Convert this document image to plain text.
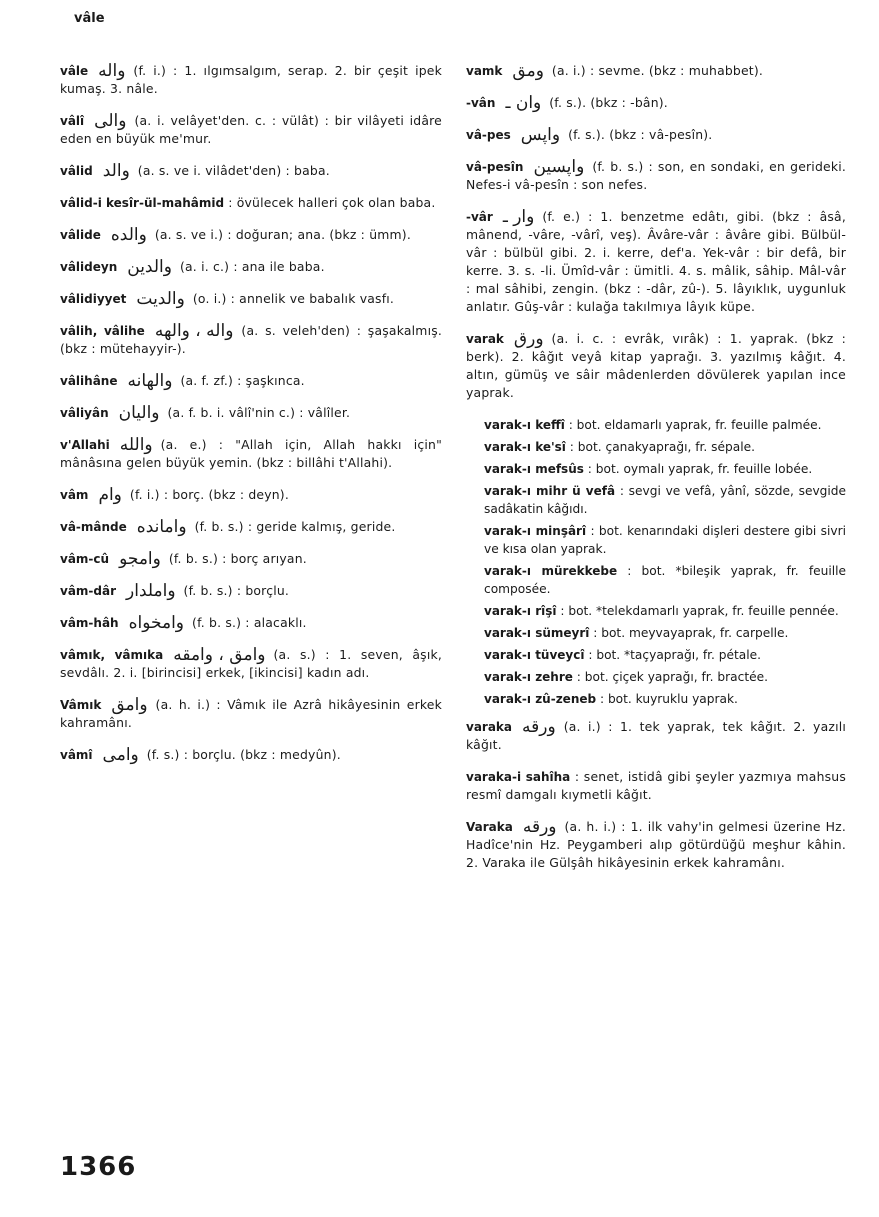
vâle

vâle واله (f. i.) : 1. ılgımsalgım, serap. 2. bir çeşit ipek kumaş. 3. nâle.

vâlî والى (a. i. velâyet'den. c. : vülât) : bir vilâyeti idâre eden en büyük me'mur.

vâlid والد (a. s. ve i. vilâdet'den) : baba.

vâlid-i kesîr-ül-mahâmid : övülecek halleri çok olan baba.

vâlide والده (a. s. ve i.) : doğuran; ana. (bkz : ümm).

vâlideyn والدين (a. i. c.) : ana ile baba.

vâlidiyyet والديت (o. i.) : annelik ve babalık vasfı.

vâlih, vâlihe واله ، والهه (a. s. veleh'den) : şaşakalmış. (bkz : mütehayyir-).

vâlihâne والهانه (a. f. zf.) : şaşkınca.

vâliyân واليان (a. f. b. i. vâlî'nin c.) : vâlîler.

v'Allahi والله (a. e.) : "Allah için, Allah hakkı için" mânâsına gelen büyük yemin. (bkz : billâhi t'Allahi).

vâm وام (f. i.) : borç. (bkz : deyn).

vâ-mânde وامانده (f. b. s.) : geride kalmış, geride.

vâm-cû وامجو (f. b. s.) : borç arıyan.

vâm-dâr واملدار (f. b. s.) : borçlu.

vâm-hâh وامخواه (f. b. s.) : alacaklı.

vâmık, vâmıka وامق ، وامقه (a. s.) : 1. seven, âşık, sevdâlı. 2. i. [birincisi] erkek, [ikincisi] kadın adı.

Vâmık وامق (a. h. i.) : Vâmık ile Azrâ hikâyesinin erkek kahramânı.

vâmî وامى (f. s.) : borçlu. (bkz : medyûn).

vamk ومق (a. i.) : sevme. (bkz : muhabbet).

-vân وان ـ (f. s.). (bkz : -bân).

vâ-pes واپس (f. s.). (bkz : vâ-pesîn).

vâ-pesîn واپسين (f. b. s.) : son, en sondaki, en gerideki. Nefes-i vâ-pesîn : son nefes.

-vâr وار ـ (f. e.) : 1. benzetme edâtı, gibi. (bkz : âsâ, mânend, -vâre, -vârî, veş). Âvâre-vâr : âvâre gibi. Bülbül-vâr : bülbül gibi. 2. i. kerre, def'a. Yek-vâr : bir defâ, bir kerre. 3. s. -li. Ümîd-vâr : ümitli. 4. s. mâlik, sâhip. Mâl-vâr : mal sâhibi, zengin. (bkz : -dâr, zû-). 5. lâyıklık, uygunluk anlatır. Gûş-vâr : kulağa takılmıya lâyık küpe.

varak ورق (a. i. c. : evrâk, vırâk) : 1. yaprak. (bkz : berk). 2. kâğıt veyâ kitap yaprağı. 3. yazılmış kâğıt. 4. altın, gümüş ve sâir mâdenlerden dövülerek yapılan ince yaprak.

varak-ı keffî : bot. eldamarlı yaprak, fr. feuille palmée.

varak-ı ke'sî : bot. çanakyaprağı, fr. sépale.

varak-ı mefsûs : bot. oymalı yaprak, fr. feuille lobée.

varak-ı mihr ü vefâ : sevgi ve vefâ, yânî, sözde, sevgide sadâkatin kâğıdı.

varak-ı minşârî : bot. kenarındaki dişleri destere gibi sivri ve kısa olan yaprak.

varak-ı mürekkebe : bot. *bileşik yaprak, fr. feuille composée.

varak-ı rîşî : bot. *telekdamarlı yaprak, fr. feuille pennée.

varak-ı sümeyrî : bot. meyvayaprak, fr. carpelle.

varak-ı tüveycî : bot. *taçyaprağı, fr. pétale.

varak-ı zehre : bot. çiçek yaprağı, fr. bractée.

varak-ı zû-zeneb : bot. kuyruklu yaprak.

varaka ورقه (a. i.) : 1. tek yaprak, tek kâğıt. 2. yazılı kâğıt.

varaka-i sahîha : senet, istidâ gibi şeyler yazmıya mahsus resmî damgalı kıymetli kâğıt.

Varaka ورقه (a. h. i.) : 1. ilk vahy'in gelmesi üzerine Hz. Hadîce'nin Hz. Peygamberi alıp götürdüğü meşhur kâhin. 2. Varaka ile Gülşâh hikâyesinin erkek kahramânı.

1366
